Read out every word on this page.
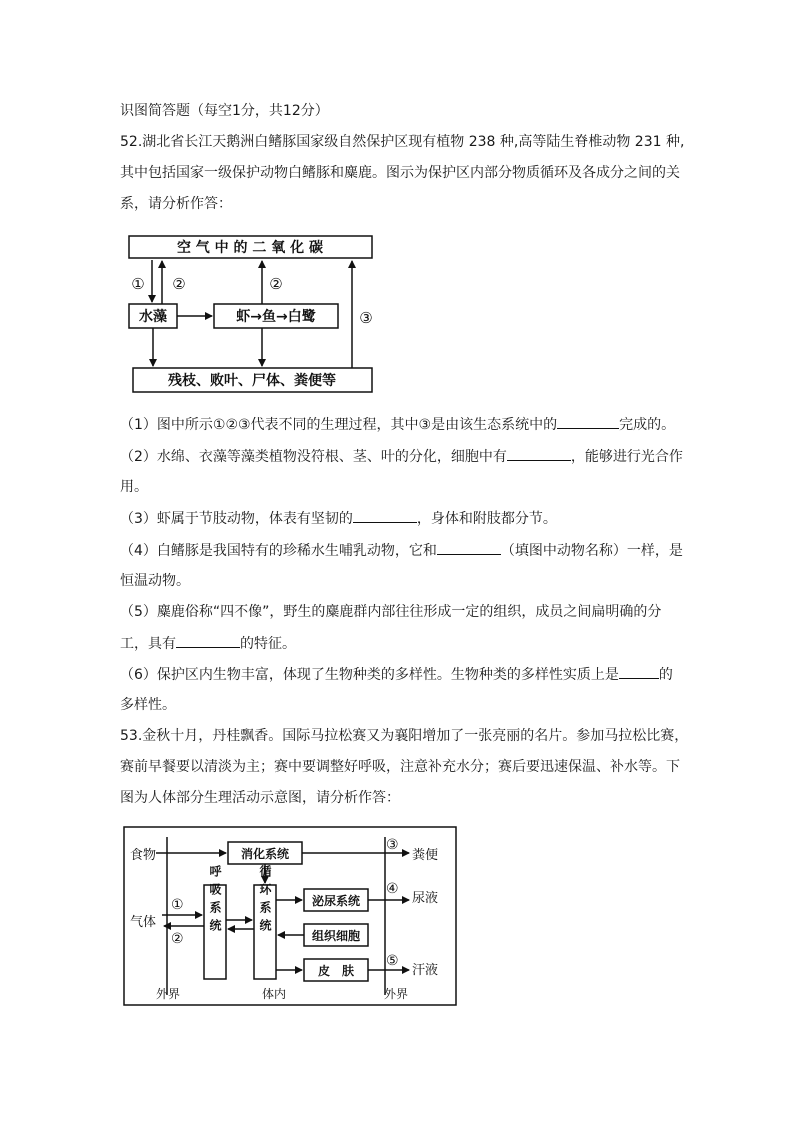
识图简答题（每空1分，共12分）
52.湖北省长江天鹅洲白鳍豚国家级自然保护区现有植物 238 种,高等陆生脊椎动物 231 种,
其中包括国家一级保护动物白鳍豚和麋鹿。图示为保护区内部分物质循环及各成分之间的关
系，请分析作答：
空 气 中 的 二 氧 化 碳
水藻	虾→鱼→白鹭
残枝、败叶、尸体、粪便等
① ②	②
③
（1）图中所示①②③代表不同的生理过程，其中③是由该生态系统中的	完成的。
（2）水绵、衣藻等藻类植物没符根、茎、叶的分化，细胞中有	，能够进行光合作
用。
（3）虾属于节肢动物，体表有坚韧的	，身体和附肢都分节。
（4）白鳍豚是我国特有的珍稀水生哺乳动物，它和	（填图中动物名称）一样，是
恒温动物。
（5）麋鹿俗称“四不像”，野生的麋鹿群内部往往形成一定的组织，成员之间扁明确的分
工，具有	的特征。
（6）保护区内生物丰富，体现了生物种类的多样性。生物种类的多样性实质上是	的
多样性。
53.金秋十月，丹桂飘香。国际马拉松赛又为襄阳增加了一张亮丽的名片。参加马拉松比赛，
赛前早餐要以清淡为主；赛中要调整好呼吸，注意补充水分；赛后要迅速保温、补水等。下
图为人体部分生理活动示意图，请分析作答：
食物
气体
消化系统
呼吸系统	循环系统	泌尿系统
组织细胞
皮　肤
粪便
尿液
汗液
外界	体内	外界
①
②
③
④
⑤
